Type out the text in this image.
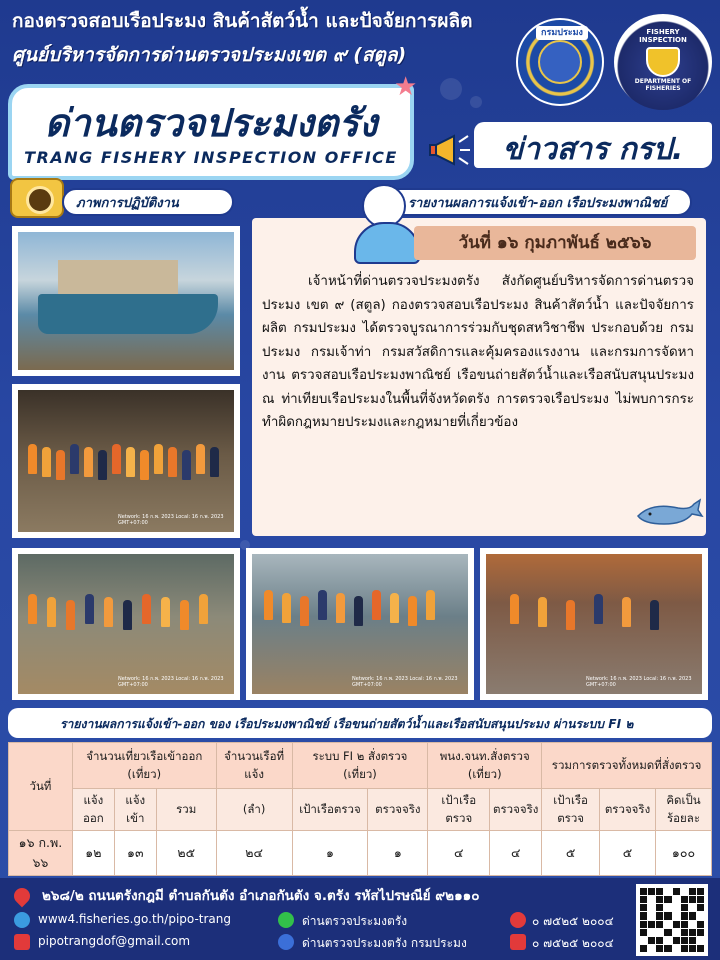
กองตรวจสอบเรือประมง สินค้าสัตว์น้ำ และปัจจัยการผลิต
ศูนย์บริหารจัดการด่านตรวจประมงเขต ๙ (สตูล)
กรมประมง	FISHERY INSPECTION
DEPARTMENT OF FISHERIES
ด่านตรวจประมงตรัง
TRANG FISHERY INSPECTION OFFICE
★
ข่าวสาร กรป.
ภาพการปฏิบัติงาน	รายงานผลการแจ้งเข้า-ออก เรือประมงพาณิชย์
วันที่ ๑๖ กุมภาพันธ์ ๒๕๖๖

เจ้าหน้าที่ด่านตรวจประมงตรัง สังกัดศูนย์บริหารจัดการด่านตรวจประมง เขต ๙ (สตูล) กองตรวจสอบเรือประมง สินค้าสัตว์น้ำ และปัจจัยการผลิต กรมประมง ได้ตรวจบูรณาการร่วมกับชุดสหวิชาชีพ ประกอบด้วย กรมประมง กรมเจ้าท่า กรมสวัสดิการและคุ้มครองแรงงาน และกรมการจัดหางาน ตรวจสอบเรือประมงพาณิชย์ เรือขนถ่ายสัตว์น้ำและเรือสนับสนุนประมง ณ ท่าเทียบเรือประมงในพื้นที่จังหวัดตรัง การตรวจเรือประมง ไม่พบการกระทำผิดกฎหมายประมงและกฎหมายที่เกี่ยวข้อง

Network: 16 ก.พ. 2023 Local: 16 ก.พ. 2023 GMT+07:00
Network: 16 ก.พ. 2023 Local: 16 ก.พ. 2023 GMT+07:00
Network: 16 ก.พ. 2023 Local: 16 ก.พ. 2023 GMT+07:00
Network: 16 ก.พ. 2023 Local: 16 ก.พ. 2023 GMT+07:00
รายงานผลการแจ้งเข้า-ออก ของ เรือประมงพาณิชย์ เรือขนถ่ายสัตว์น้ำและเรือสนับสนุนประมง ผ่านระบบ FI ๒
วันที่	จำนวนเที่ยวเรือเข้าออก (เที่ยว)			จำนวนเรือที่แจ้ง	ระบบ FI ๒ สั่งตรวจ (เที่ยว)		พนง.จนท.สั่งตรวจ (เที่ยว)		รวมการตรวจทั้งหมดที่สั่งตรวจ		
	แจ้งออก	แจ้งเข้า	รวม	(ลำ)	เป้าเรือตรวจ	ตรวจจริง	เป้าเรือตรวจ	ตรวจจริง	เป้าเรือตรวจ	ตรวจจริง	คิดเป็นร้อยละ
๑๖ ก.พ. ๖๖	๑๒	๑๓	๒๕	๒๔	๑	๑	๔	๔	๕	๕	๑๐๐
๒๖๘/๒ ถนนตรังกฎมี ตำบลกันตัง อำเภอกันตัง จ.ตรัง รหัสไปรษณีย์ ๙๒๑๑๐
www4.fisheries.go.th/pipo-trang	ด่านตรวจประมงตรัง	๐ ๗๕๒๕ ๒๐๐๔
pipotrangdof@gmail.com	ด่านตรวจประมงตรัง กรมประมง	๐ ๗๕๒๕ ๒๐๐๔
